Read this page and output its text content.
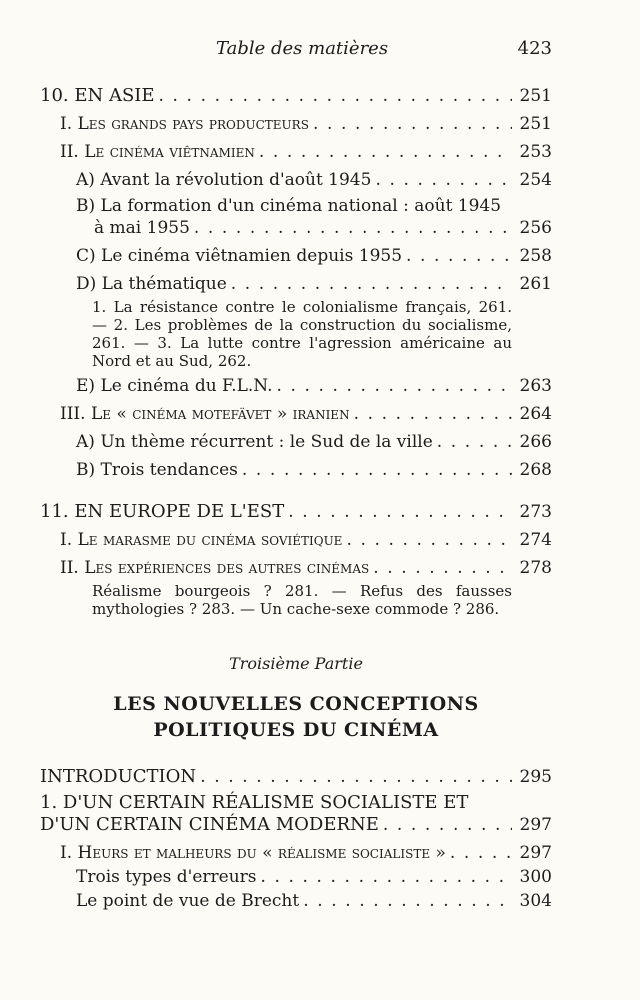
Table des matières	423
10. EN ASIE . . .	251
I. Les grands pays producteurs . . .	251
II. Le cinéma viêtnamien . . .	253
A) Avant la révolution d'août 1945 . . .	254
B) La formation d'un cinéma national : août 1945
à mai 1955 . . .	256
C) Le cinéma viêtnamien depuis 1955 . . .	258
D) La thématique . . .	261
1. La résistance contre le colonialisme français, 261. — 2. Les problèmes de la construction du socialisme, 261. — 3. La lutte contre l'agression américaine au Nord et au Sud, 262.
E) Le cinéma du F.L.N. . . .	263
III. Le « cinéma motefävet » iranien . . .	264
A) Un thème récurrent : le Sud de la ville . . .	266
B) Trois tendances . . .	268
11. EN EUROPE DE L'EST . . .	273
I. Le marasme du cinéma soviétique . . .	274
II. Les expériences des autres cinémas . . .	278
Réalisme bourgeois ? 281. — Refus des fausses mythologies ? 283. — Un cache-sexe commode ? 286.
Troisième Partie
LES NOUVELLES CONCEPTIONS
POLITIQUES DU CINÉMA
INTRODUCTION . . .	295
1. D'UN CERTAIN RÉALISME SOCIALISTE ET
D'UN CERTAIN CINÉMA MODERNE . . .	297
I. Heurs et malheurs du « réalisme socialiste » . . .	297
Trois types d'erreurs . . .	300
Le point de vue de Brecht . . .	304
